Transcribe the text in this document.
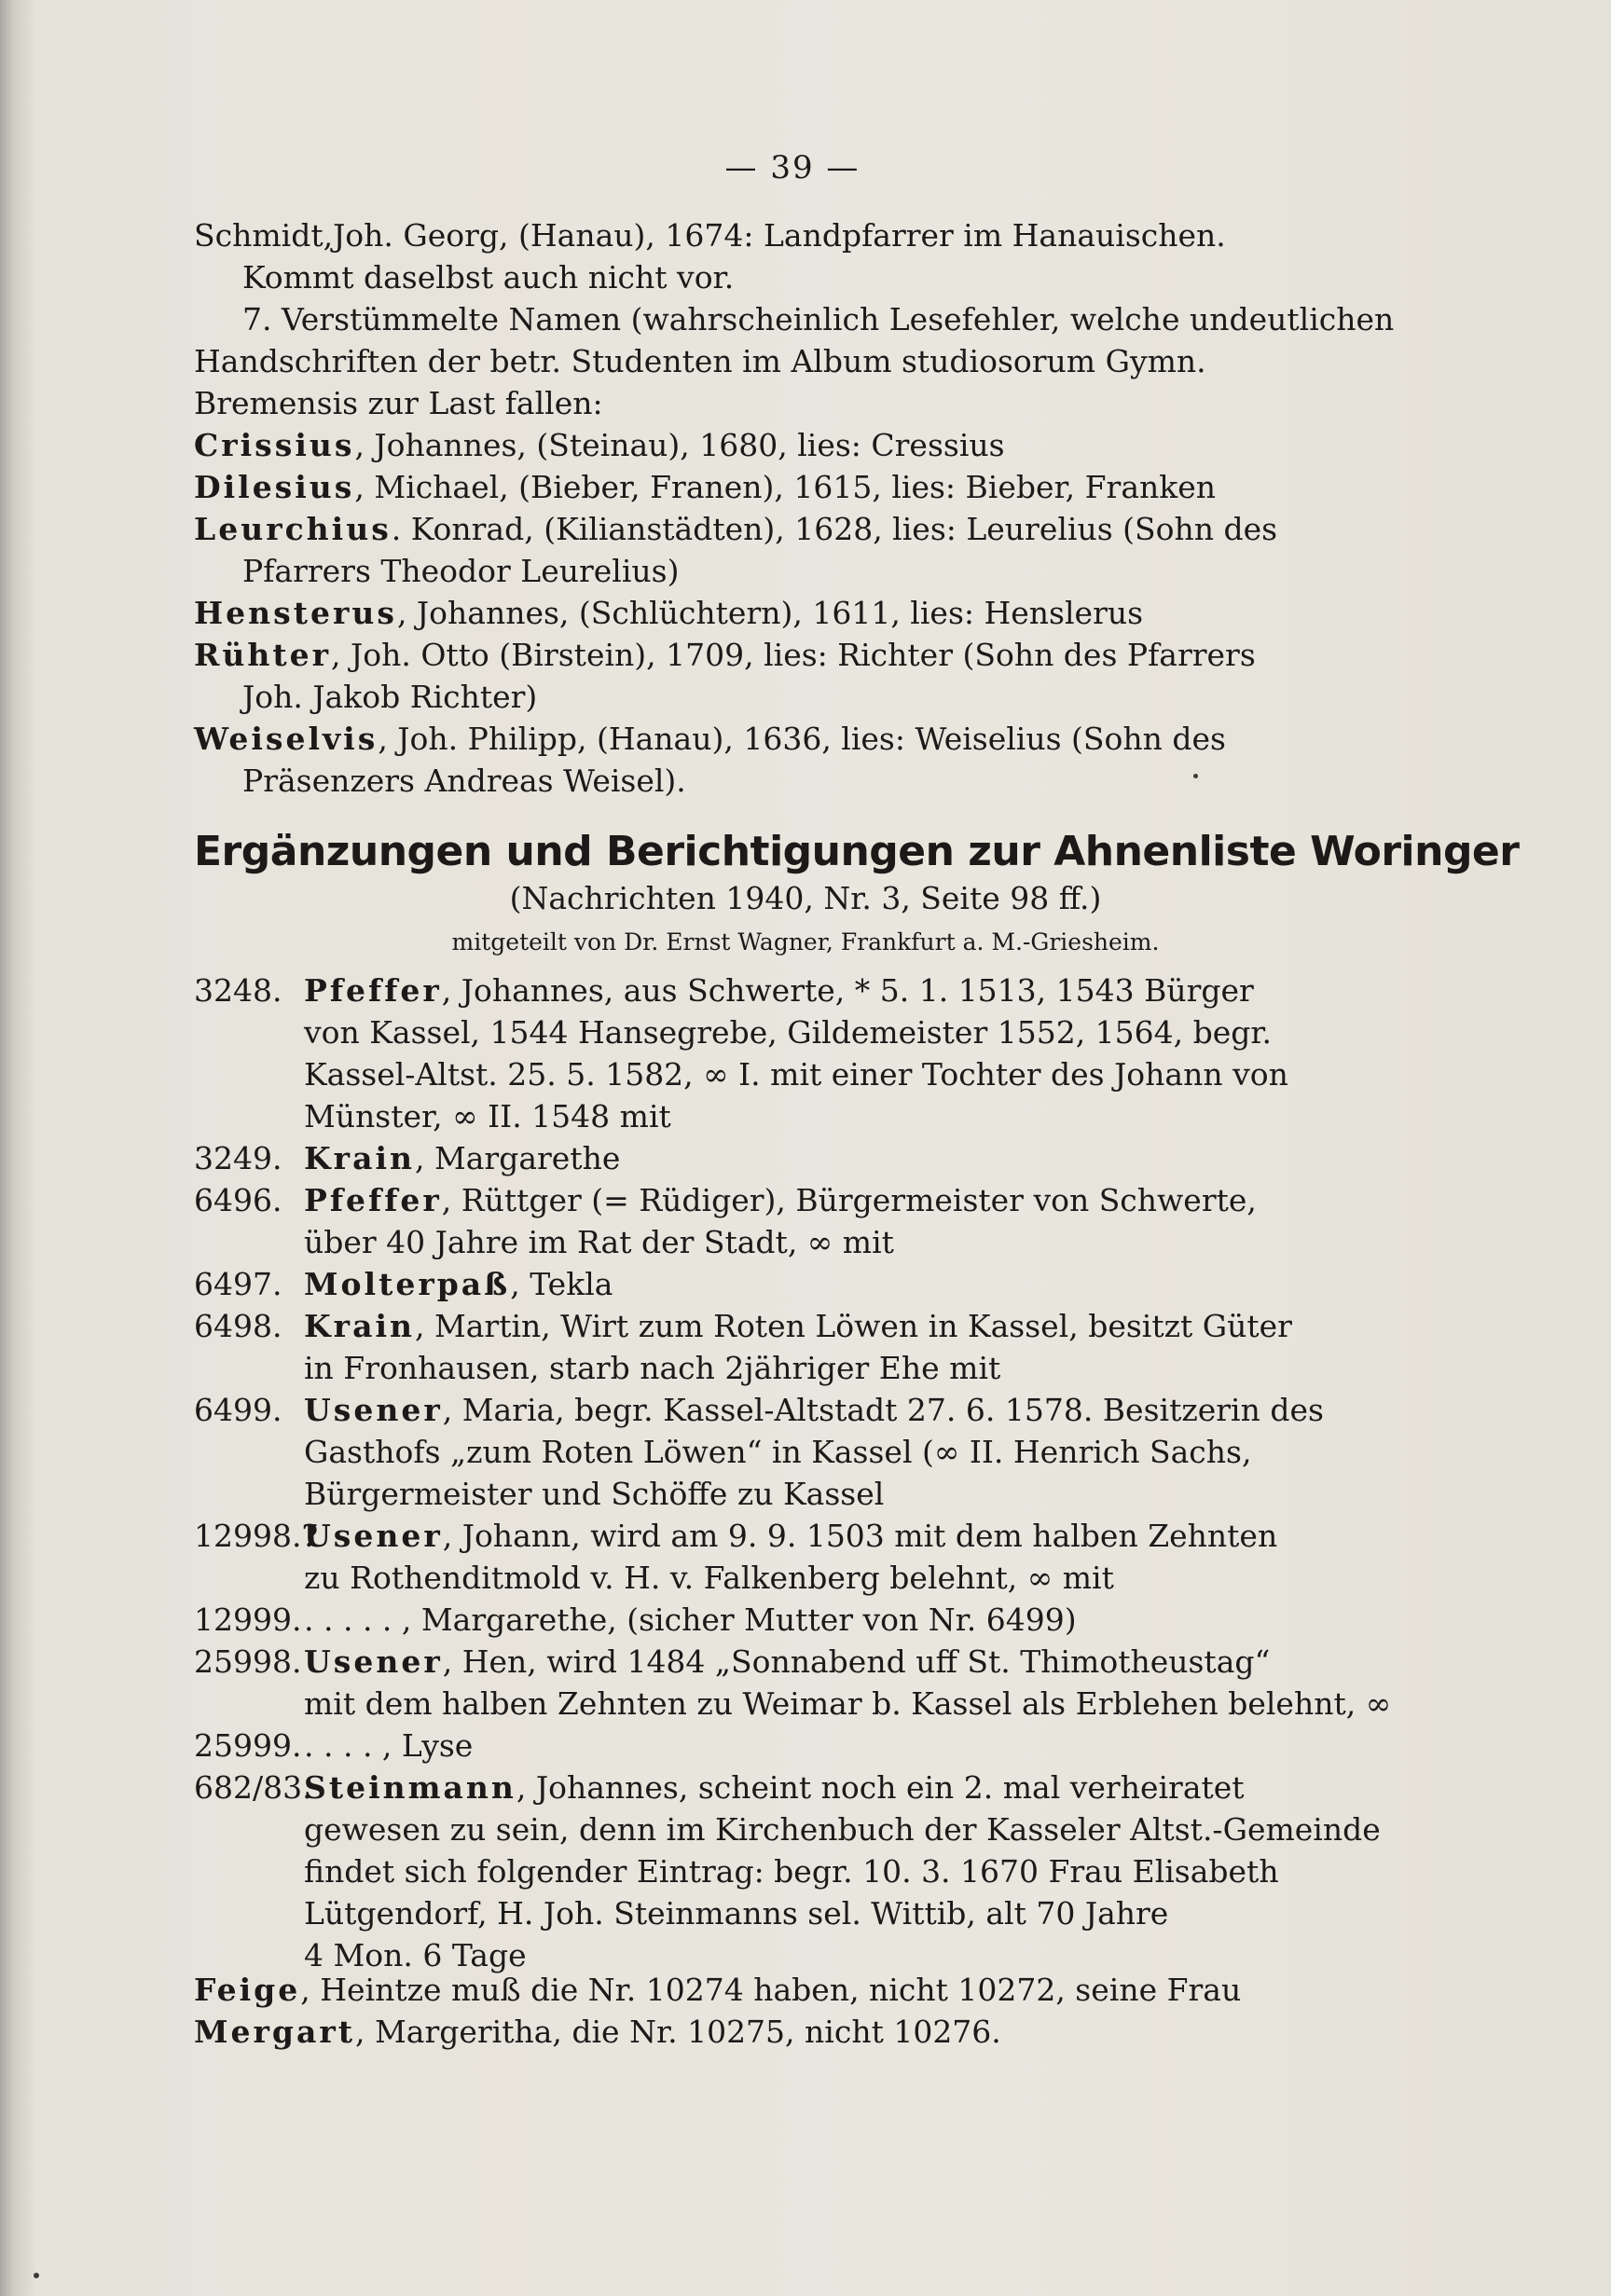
— 39 —

Schmidt,Joh. Georg, (Hanau), 1674: Landpfarrer im Hanauischen.

Kommt daselbst auch nicht vor.

7. Verstümmelte Namen (wahrscheinlich Lesefehler, welche undeutlichen

Handschriften der betr. Studenten im Album studiosorum Gymn.

Bremensis zur Last fallen:

Crissius, Johannes, (Steinau), 1680, lies: Cressius

Dilesius, Michael, (Bieber, Franen), 1615, lies: Bieber, Franken

Leurchius. Konrad, (Kilianstädten), 1628, lies: Leurelius (Sohn des

Pfarrers Theodor Leurelius)

Hensterus, Johannes, (Schlüchtern), 1611, lies: Henslerus

Rühter, Joh. Otto (Birstein), 1709, lies: Richter (Sohn des Pfarrers

Joh. Jakob Richter)

Weiselvis, Joh. Philipp, (Hanau), 1636, lies: Weiselius (Sohn des

Präsenzers Andreas Weisel).

Ergänzungen und Berichtigungen zur Ahnenliste Woringer
(Nachrichten 1940, Nr. 3, Seite 98 ff.)
mitgeteilt von Dr. Ernst Wagner, Frankfurt a. M.-Griesheim.
3248. Pfeffer, Johannes, aus Schwerte, * 5. 1. 1513, 1543 Bürger
von Kassel, 1544 Hansegrebe, Gildemeister 1552, 1564, begr.
Kassel-Altst. 25. 5. 1582, ∞ I. mit einer Tochter des Johann von
Münster, ∞ II. 1548 mit
3249. Krain, Margarethe
6496. Pfeffer, Rüttger (= Rüdiger), Bürgermeister von Schwerte,
über 40 Jahre im Rat der Stadt, ∞ mit
6497. Molterpaß, Tekla
6498. Krain, Martin, Wirt zum Roten Löwen in Kassel, besitzt Güter
in Fronhausen, starb nach 2jähriger Ehe mit
6499. Usener, Maria, begr. Kassel-Altstadt 27. 6. 1578. Besitzerin des
Gasthofs „zum Roten Löwen“ in Kassel (∞ II. Henrich Sachs,
Bürgermeister und Schöffe zu Kassel
12998.?
Usener, Johann, wird am 9. 9. 1503 mit dem halben Zehnten
zu Rothenditmold v. H. v. Falkenberg belehnt, ∞ mit
12999. . . . . . , Margarethe, (sicher Mutter von Nr. 6499)
25998. Usener, Hen, wird 1484 „Sonnabend uff St. Thimotheustag“
mit dem halben Zehnten zu Weimar b. Kassel als Erblehen belehnt, ∞
25999. . . . . , Lyse
682/83.
Steinmann, Johannes, scheint noch ein 2. mal verheiratet
gewesen zu sein, denn im Kirchenbuch der Kasseler Altst.-Gemeinde
findet sich folgender Eintrag: begr. 10. 3. 1670 Frau Elisabeth
Lütgendorf, H. Joh. Steinmanns sel. Wittib, alt 70 Jahre
4 Mon. 6 Tage

Feige, Heintze muß die Nr. 10274 haben, nicht 10272, seine Frau

Mergart, Margeritha, die Nr. 10275, nicht 10276.
